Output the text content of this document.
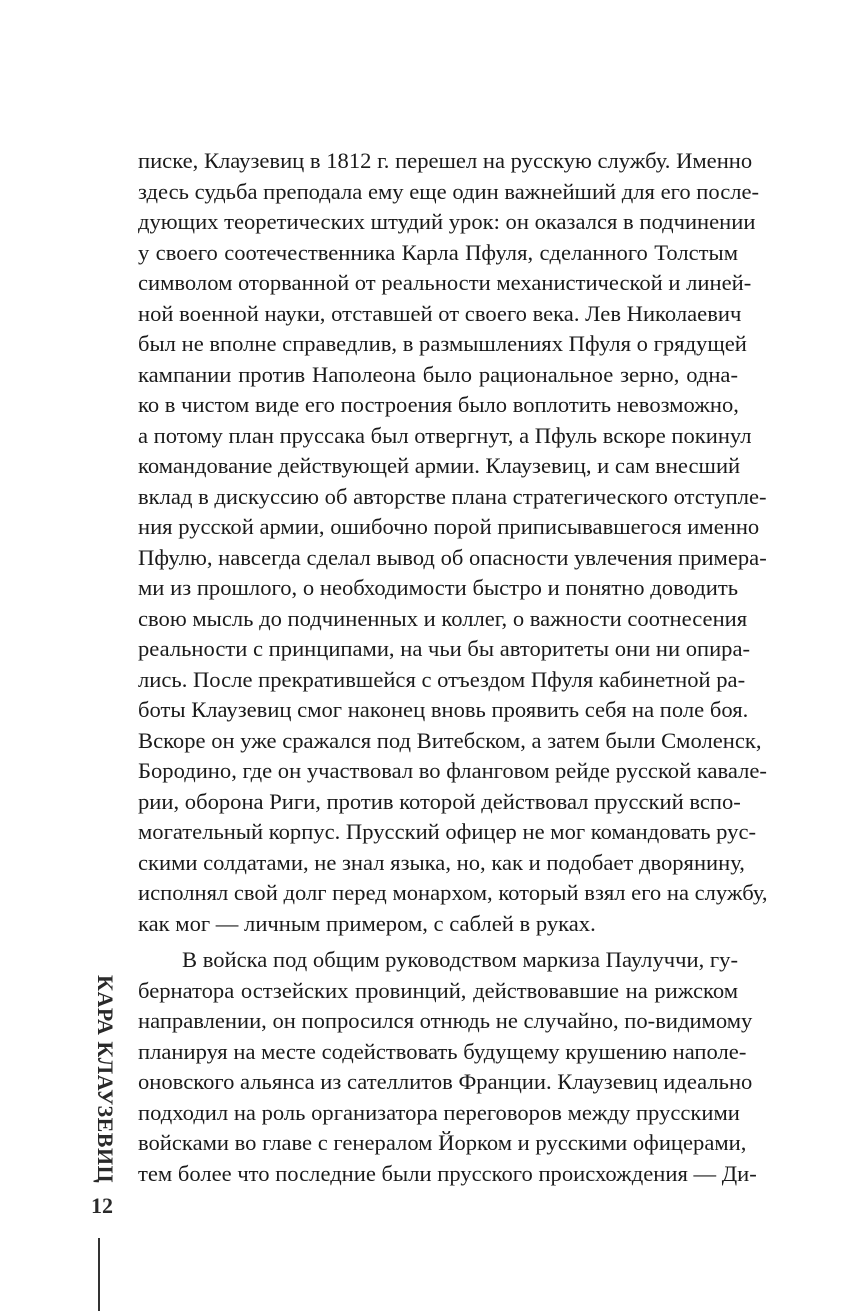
писке, Клаузевиц в 1812 г. перешел на русскую службу. Именно
здесь судьба преподала ему еще один важнейший для его после-
дующих теоретических штудий урок: он оказался в подчинении
у своего соотечественника Карла Пфуля, сделанного Толстым
символом оторванной от реальности механистической и линей-
ной военной науки, отставшей от своего века. Лев Николаевич
был не вполне справедлив, в размышлениях Пфуля о грядущей
кампании против Наполеона было рациональное зерно, одна-
ко в чистом виде его построения было воплотить невозможно,
а потому план пруссака был отвергнут, а Пфуль вскоре покинул
командование действующей армии. Клаузевиц, и сам внесший
вклад в дискуссию об авторстве плана стратегического отступле-
ния русской армии, ошибочно порой приписывавшегося именно
Пфулю, навсегда сделал вывод об опасности увлечения примера-
ми из прошлого, о необходимости быстро и понятно доводить
свою мысль до подчиненных и коллег, о важности соотнесения
реальности с принципами, на чьи бы авторитеты они ни опира-
лись. После прекратившейся с отъездом Пфуля кабинетной ра-
боты Клаузевиц смог наконец вновь проявить себя на поле боя.
Вскоре он уже сражался под Витебском, а затем были Смоленск,
Бородино, где он участвовал во фланговом рейде русской кавале-
рии, оборона Риги, против которой действовал прусский вспо-
могательный корпус. Прусский офицер не мог командовать рус-
скими солдатами, не знал языка, но, как и подобает дворянину,
исполнял свой долг перед монархом, который взял его на службу,
как мог — личным примером, с саблей в руках.
В войска под общим руководством маркиза Паулуччи, гу-
бернатора остзейских провинций, действовавшие на рижском
направлении, он попросился отнюдь не случайно, по-видимому
планируя на месте содействовать будущему крушению наполе-
оновского альянса из сателлитов Франции. Клаузевиц идеально
подходил на роль организатора переговоров между прусскими
войсками во главе с генералом Йорком и русскими офицерами,
тем более что последние были прусского происхождения — Ди-
КАРА КЛАУЗЕВИЦ
12
